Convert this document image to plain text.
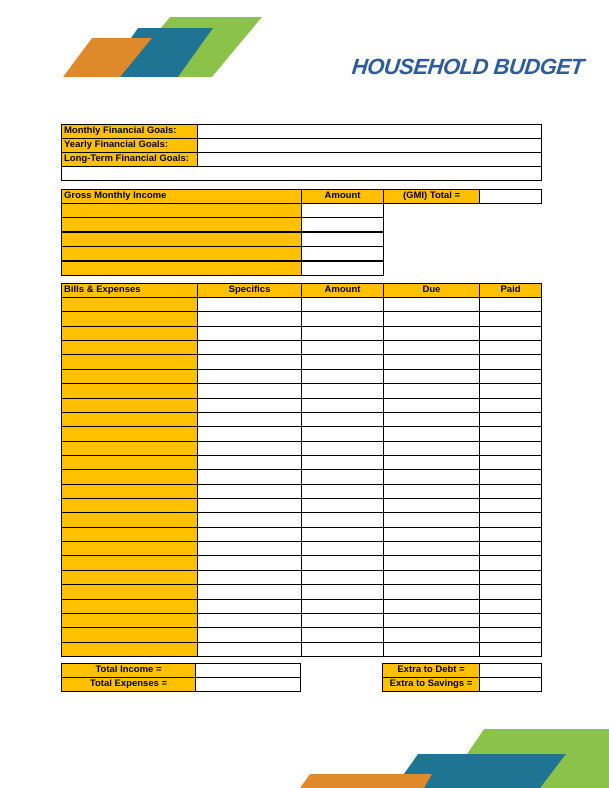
HOUSEHOLD BUDGET
Monthly Financial Goals:
Yearly Financial Goals:
Long-Term Financial Goals:
Gross Monthly Income	Amount	(GMI) Total =
Bills & Expenses	Specifics	Amount	Due	Paid
Total Income =
Total Expenses =
Extra to Debt =
Extra to Savings =
